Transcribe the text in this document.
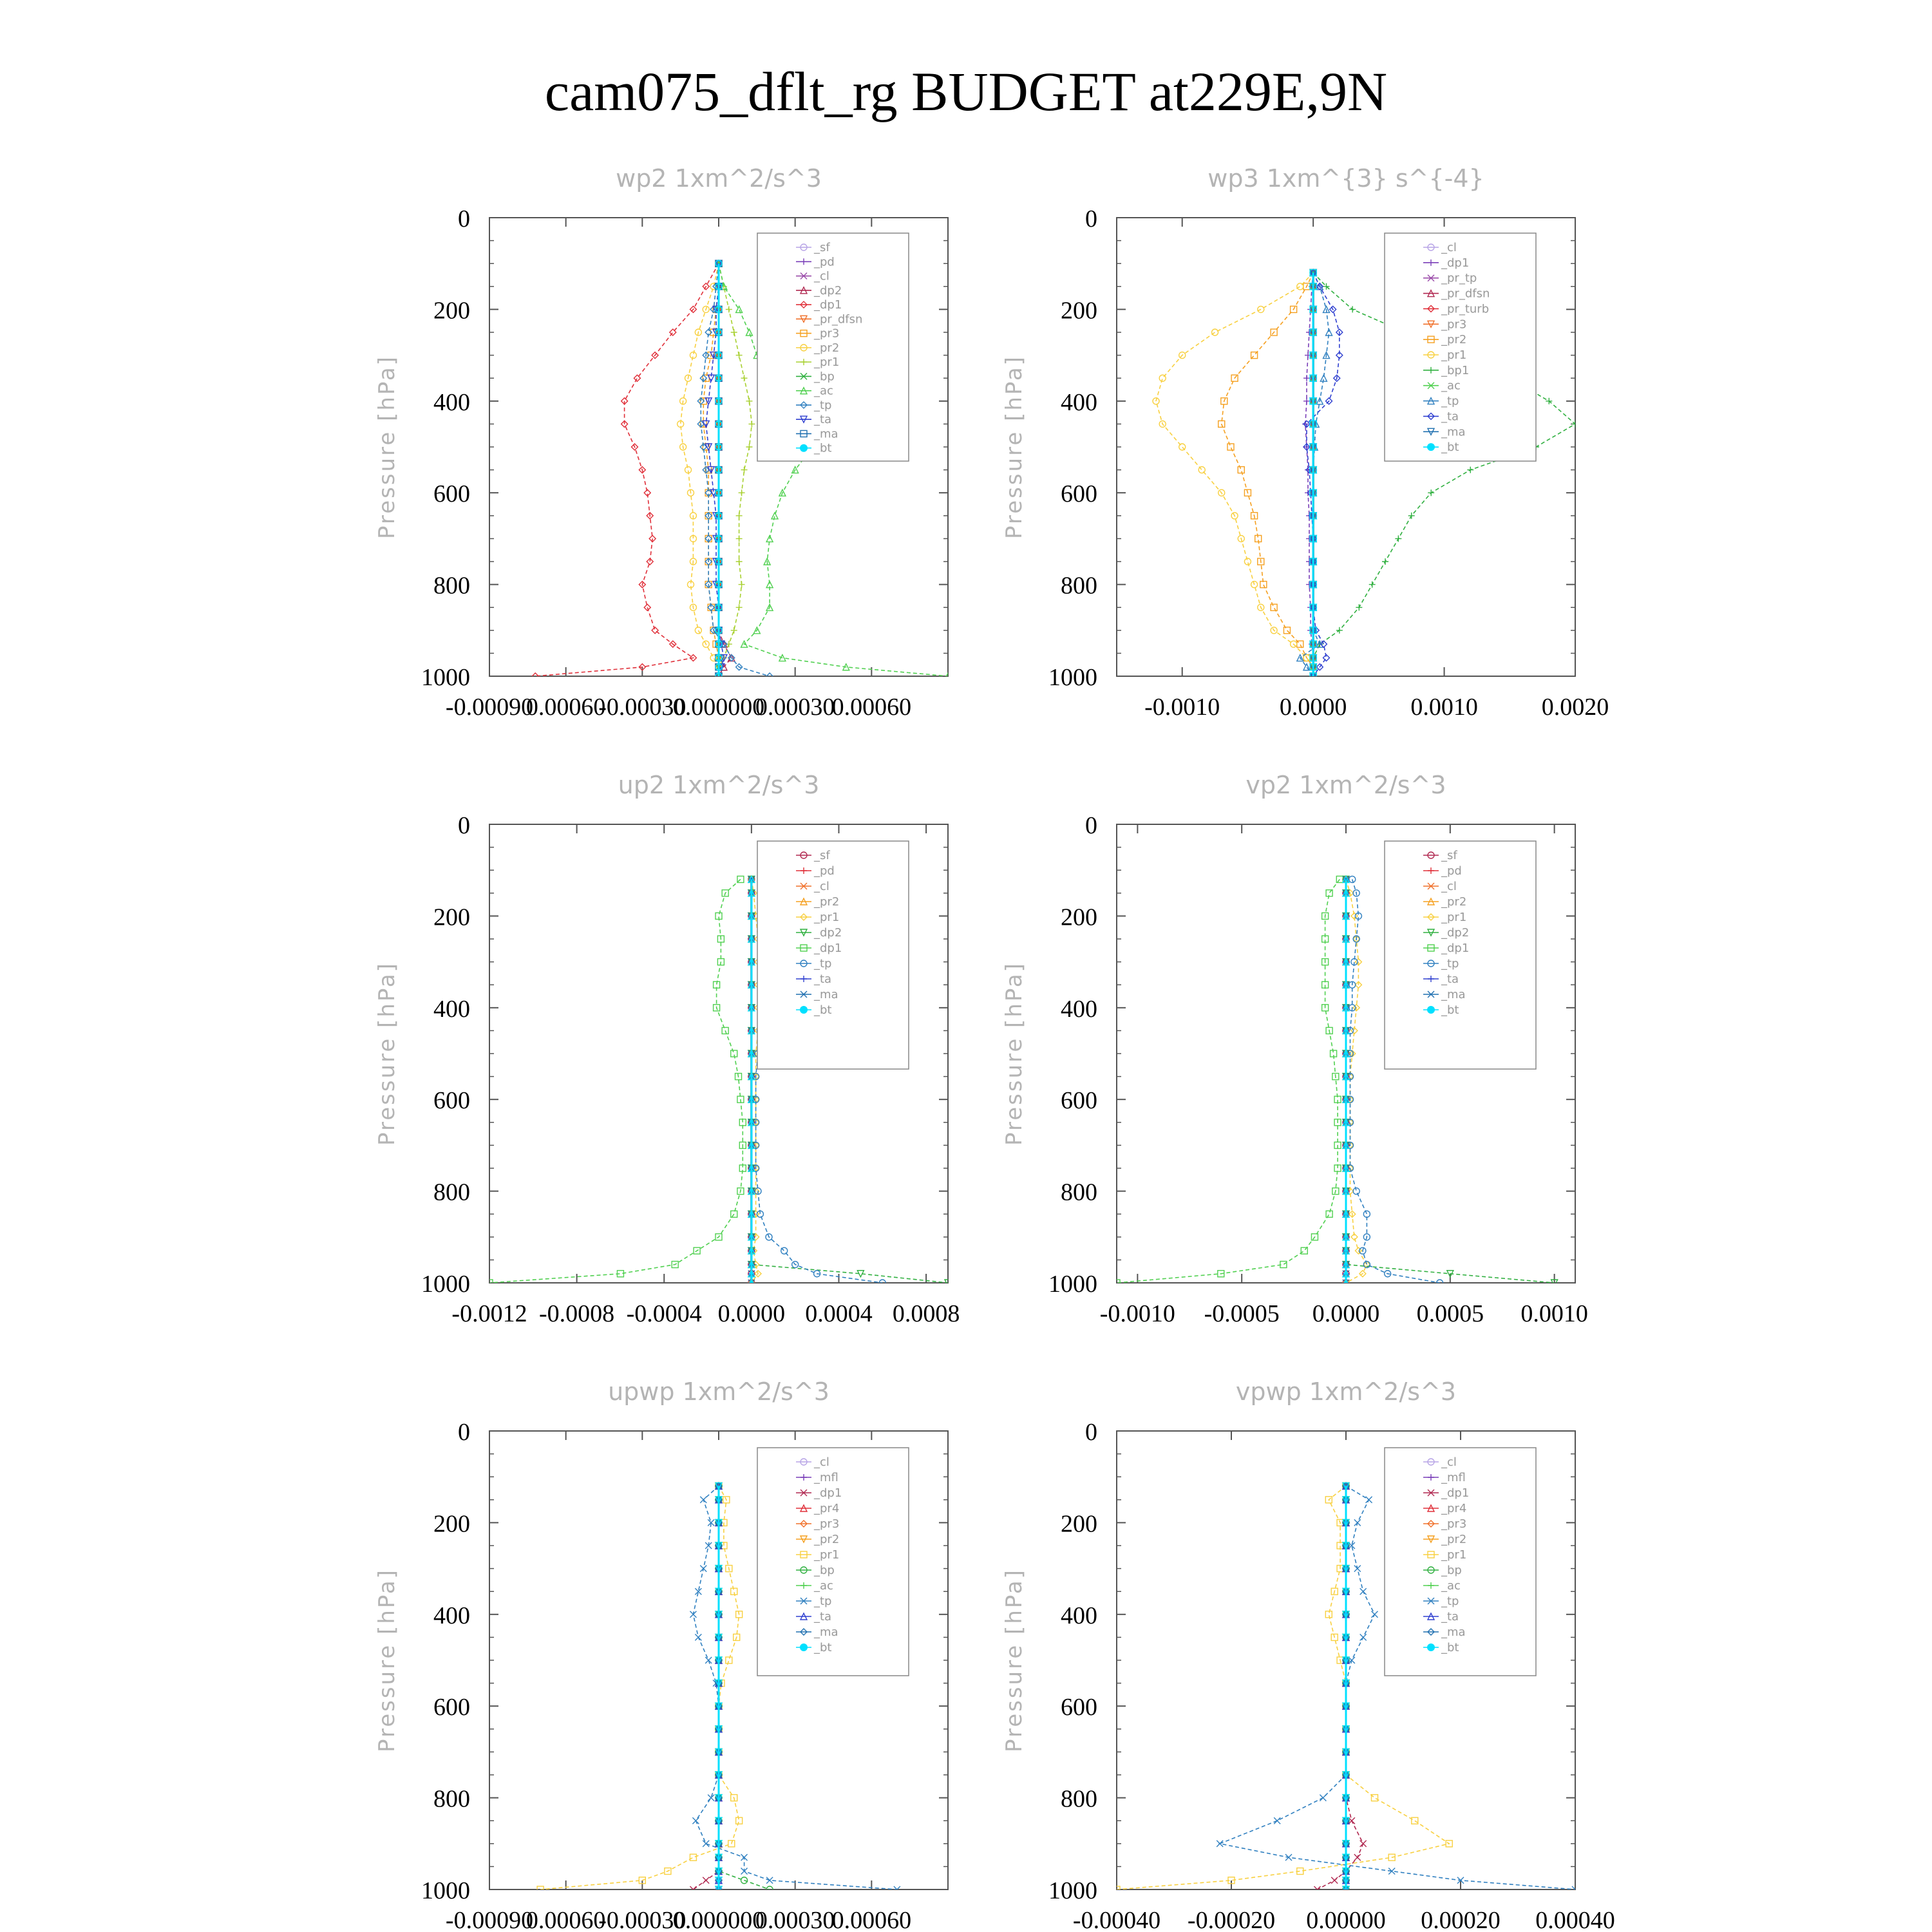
cam075_dflt_rg BUDGET at229E,9N
wp2 1xm^2/s^3
Pressure [hPa]
0
200
400
600
800
1000
-0.00090
0.00060
-0.00030
0.000000
0.00030
0.00060
_sf
_pd
_cl
_dp2
_dp1
_pr_dfsn
_pr3
_pr2
_pr1
_bp
_ac
_tp
_ta
_ma
_bt
wp3 1xm^{3} s^{-4}
Pressure [hPa]
0
200
400
600
800
1000
-0.0010 0.0000	0.0010	0.0020
_cl
_dp1
_pr_tp
_pr_dfsn
_pr_turb
_pr3
_pr2
_pr1
_bp1
_ac
_tp
_ta
_ma
_bt
up2 1xm^2/s^3
Pressure [hPa]
0
200
400
600
800
1000
-0.0012 -0.0008 -0.0004 0.0000 0.0004 0.0008
_sf
_pd
_cl
_pr2
_pr1
_dp2
_dp1
_tp
_ta
_ma
_bt
vp2 1xm^2/s^3
Pressure [hPa]
0
200
400
600
800
1000
-0.0010 -0.0005 0.0000 0.0005 0.0010
_sf
_pd
_cl
_pr2
_pr1
_dp2
_dp1
_tp
_ta
_ma
_bt
upwp 1xm^2/s^3
Pressure [hPa]
0
200
400
600
800
1000
-0.00090
0.00060
-0.00030
0.000000
0.00030
0.00060
_cl
_mfl
_dp1
_pr4
_pr3
_pr2
_pr1
_bp
_ac
_tp
_ta
_ma
_bt
vpwp 1xm^2/s^3
Pressure [hPa]
0
200
400
600
800
1000
-0.00040 -0.00020 0.00000 0.00020 0.00040
_cl
_mfl
_dp1
_pr4
_pr3
_pr2
_pr1
_bp
_ac
_tp
_ta
_ma
_bt
